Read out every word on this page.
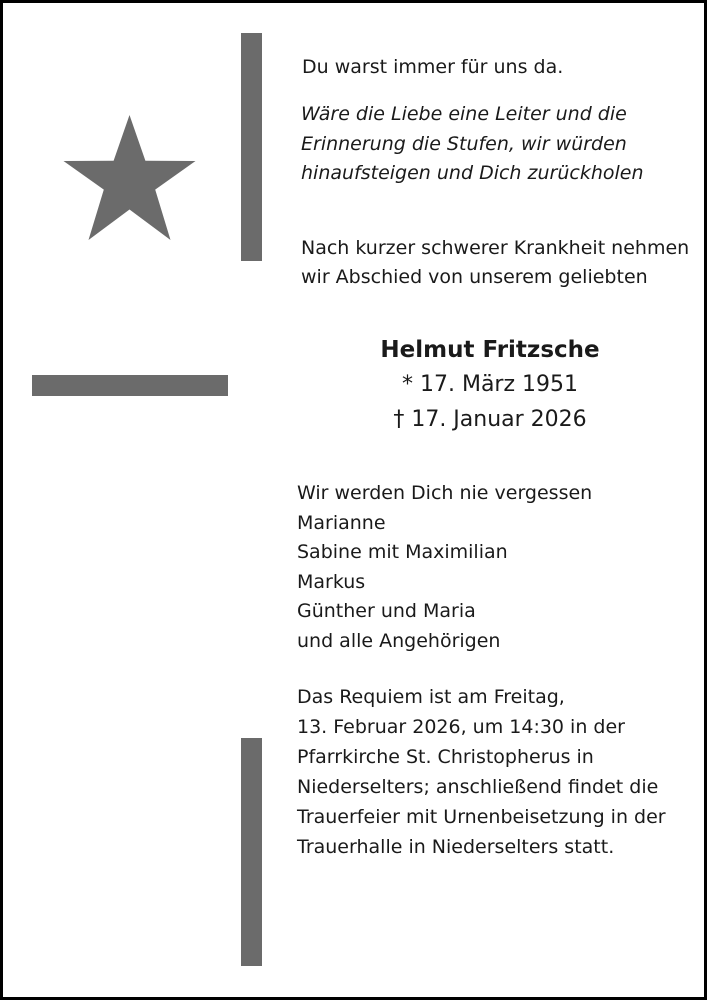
Du warst immer für uns da.
Wäre die Liebe eine Leiter und die
Erinnerung die Stufen, wir würden
hinaufsteigen und Dich zurückholen
Nach kurzer schwerer Krankheit nehmen
wir Abschied von unserem geliebten
Helmut Fritzsche
* 17. März 1951
† 17. Januar 2026
Wir werden Dich nie vergessen
Marianne
Sabine mit Maximilian
Markus
Günther und Maria
und alle Angehörigen
Das Requiem ist am Freitag,
13. Februar 2026, um 14:30 in der
Pfarrkirche St. Christopherus in
Niederselters; anschließend findet die
Trauerfeier mit Urnenbeisetzung in der
Trauerhalle in Niederselters statt.
